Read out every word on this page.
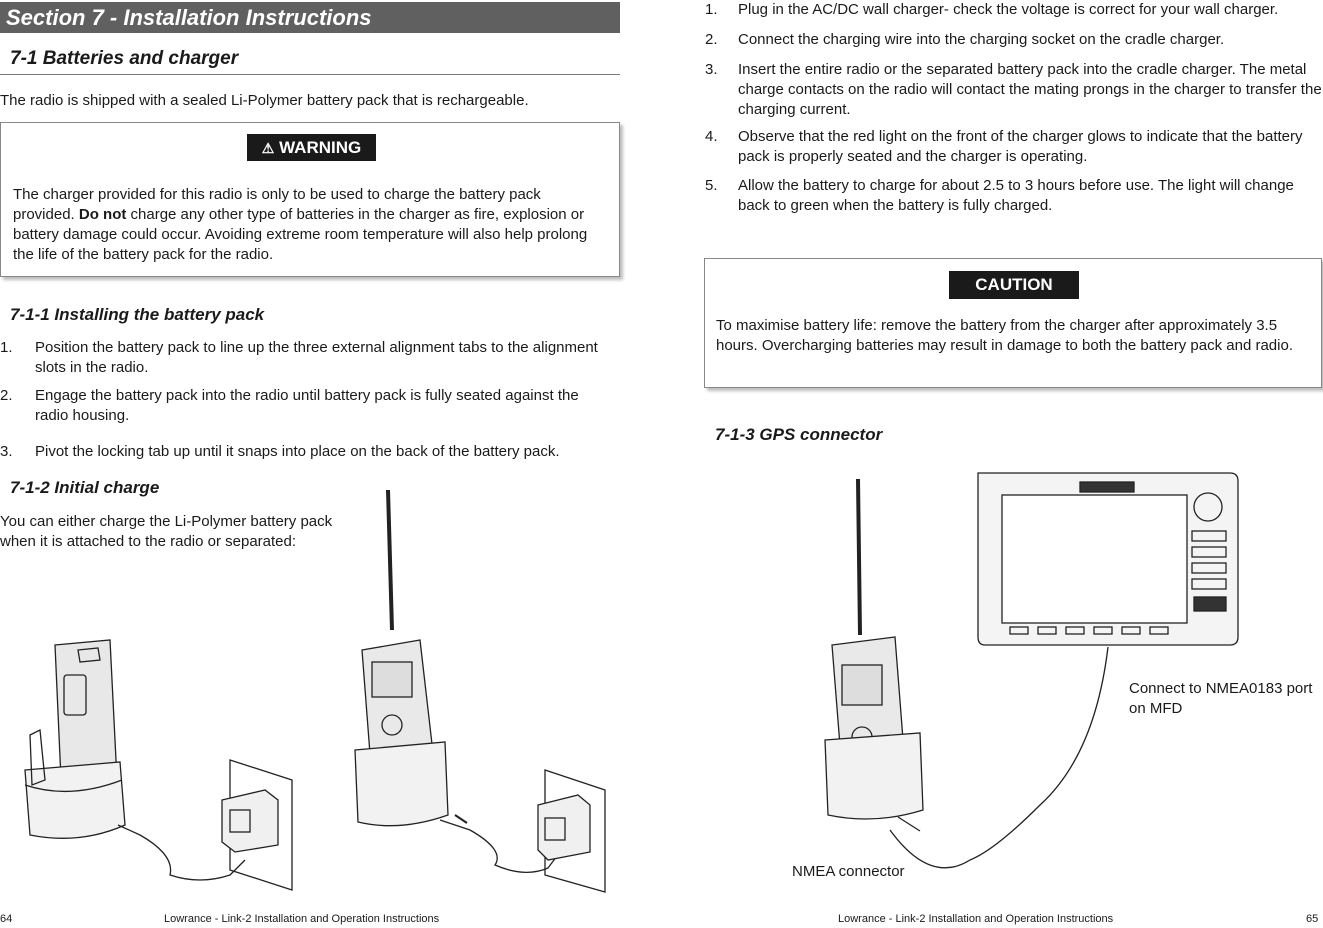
Section 7 - Installation Instructions
7-1 Batteries and charger
The radio is shipped with a sealed Li-Polymer battery pack that is rechargeable.
⚠ WARNING
The charger provided for this radio is only to be used to charge the battery pack provided. Do not charge any other type of batteries in the charger as fire, explosion or battery damage could occur. Avoiding extreme room temperature will also help prolong the life of the battery pack for the radio.
7-1-1 Installing the battery pack
1. Position the battery pack to line up the three external alignment tabs to the alignment slots in the radio.
2. Engage the battery pack into the radio until battery pack is fully seated against the radio housing.
3. Pivot the locking tab up until it snaps into place on the back of the battery pack.
7-1-2 Initial charge
You can either charge the Li-Polymer battery pack when it is attached to the radio or separated:
64	Lowrance - Link-2 Installation and Operation Instructions
1. Plug in the AC/DC wall charger- check the voltage is correct for your wall charger.
2. Connect the charging wire into the charging socket on the cradle charger.
3. Insert the entire radio or the separated battery pack into the cradle charger. The metal charge contacts on the radio will contact the mating prongs in the charger to transfer the charging current.
4. Observe that the red light on the front of the charger glows to indicate that the battery pack is properly seated and the charger is operating.
5. Allow the battery to charge for about 2.5 to 3 hours before use. The light will change back to green when the battery is fully charged.
CAUTION
To maximise battery life: remove the battery from the charger after approximately 3.5 hours. Overcharging batteries may result in damage to both the battery pack and radio.
7-1-3 GPS connector
Connect to NMEA0183 port on MFD
NMEA connector
Lowrance - Link-2 Installation and Operation Instructions	65
